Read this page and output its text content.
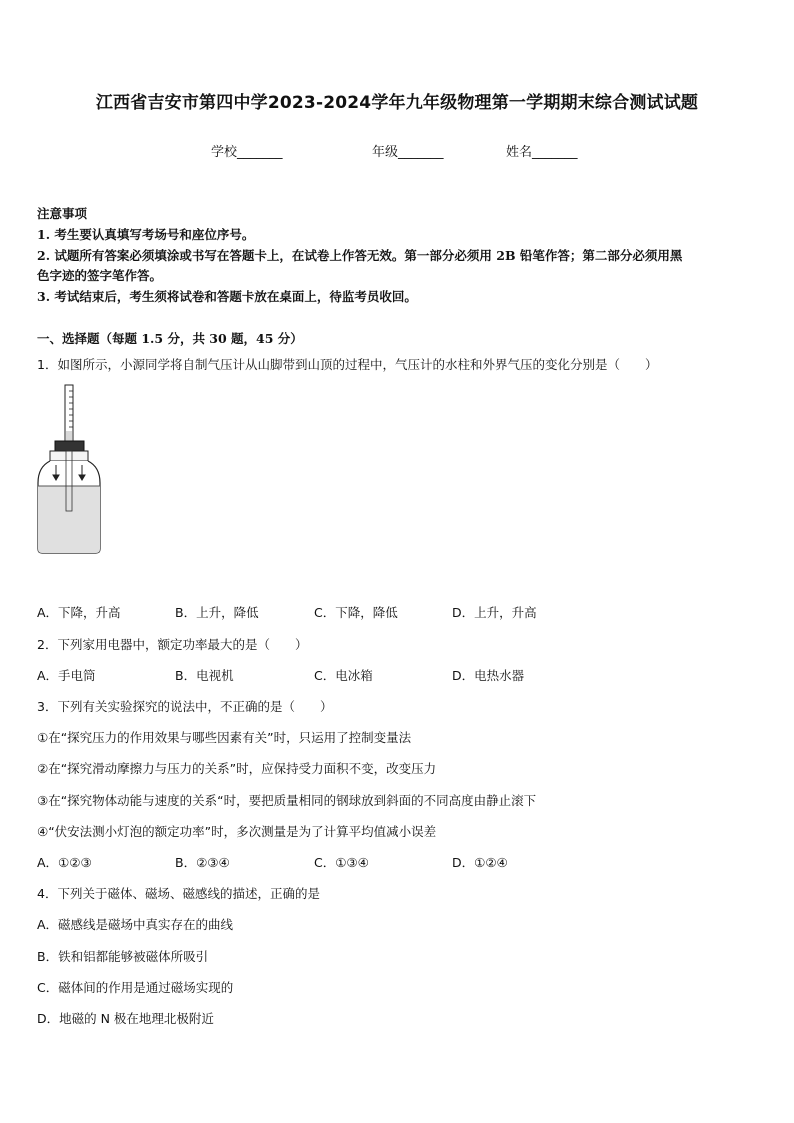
江西省吉安市第四中学2023-2024学年九年级物理第一学期期末综合测试试题
学校_______	年级_______	姓名_______
注意事项
1. 考生要认真填写考场号和座位序号。
2. 试题所有答案必须填涂或书写在答题卡上，在试卷上作答无效。第一部分必须用 2B 铅笔作答；第二部分必须用黑
色字迹的签字笔作答。
3. 考试结束后，考生须将试卷和答题卡放在桌面上，待监考员收回。
一、选择题（每题 1.5 分，共 30 题，45 分）
1．如图所示，小源同学将自制气压计从山脚带到山顶的过程中，气压计的水柱和外界气压的变化分别是（　　）
A．下降，升高	B．上升，降低	C．下降，降低	D．上升，升高
2．下列家用电器中，额定功率最大的是（　　）
A．手电筒	B．电视机	C．电冰箱	D．电热水器
3．下列有关实验探究的说法中，不正确的是（　　）
①在“探究压力的作用效果与哪些因素有关”时，只运用了控制变量法
②在“探究滑动摩擦力与压力的关系”时，应保持受力面积不变，改变压力
③在“探究物体动能与速度的关系“时，要把质量相同的钢球放到斜面的不同高度由静止滚下
④“伏安法测小灯泡的额定功率”时，多次测量是为了计算平均值减小误差
A．①②③	B．②③④	C．①③④	D．①②④
4．下列关于磁体、磁场、磁感线的描述，正确的是
A．磁感线是磁场中真实存在的曲线
B．铁和铝都能够被磁体所吸引
C．磁体间的作用是通过磁场实现的
D．地磁的 N 极在地理北极附近
